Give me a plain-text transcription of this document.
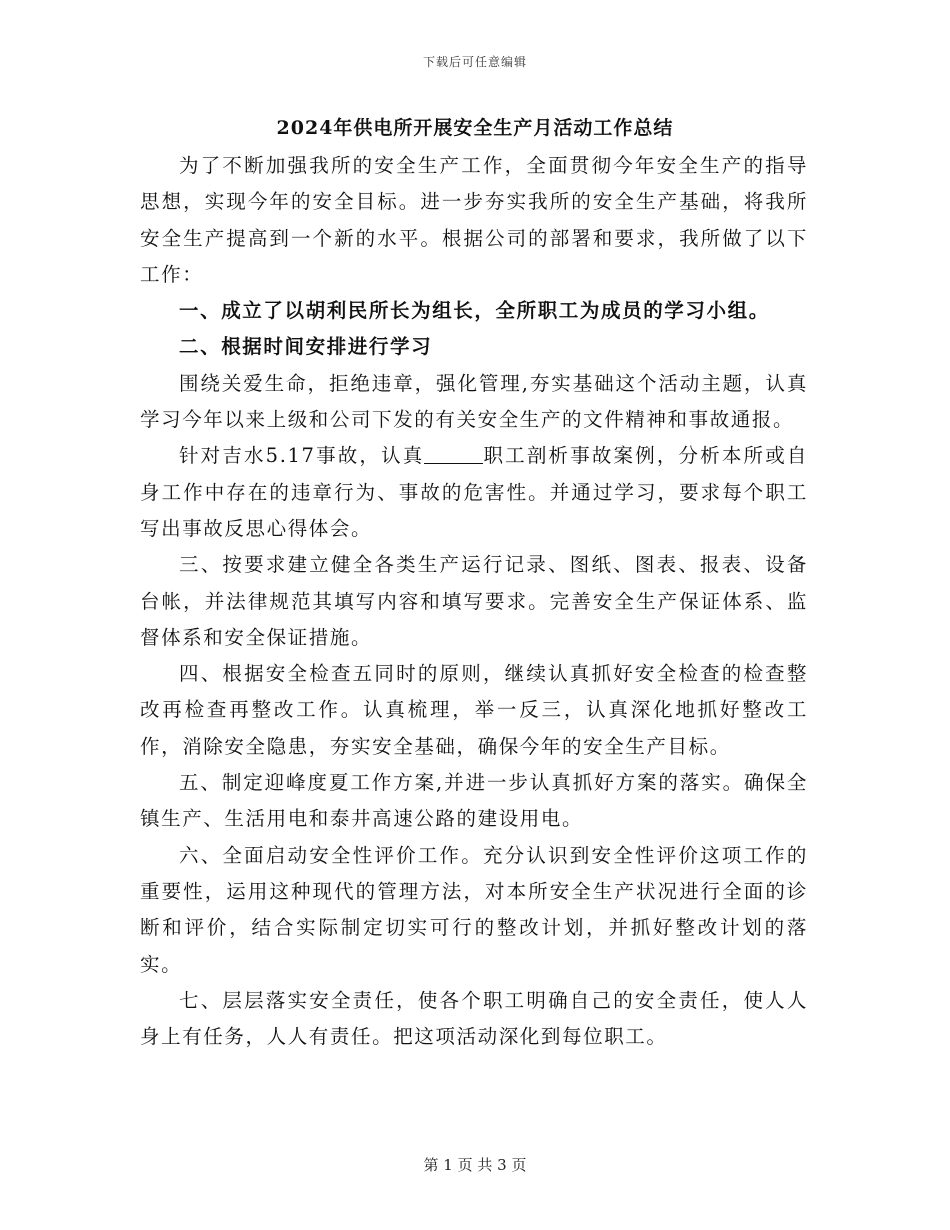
下载后可任意编辑
2024年供电所开展安全生产月活动工作总结

为了不断加强我所的安全生产工作，全面贯彻今年安全生产的指导思想，实现今年的安全目标。进一步夯实我所的安全生产基础，将我所安全生产提高到一个新的水平。根据公司的部署和要求，我所做了以下工作：

一、成立了以胡利民所长为组长，全所职工为成员的学习小组。

二、根据时间安排进行学习

围绕关爱生命，拒绝违章，强化管理,夯实基础这个活动主题，认真学习今年以来上级和公司下发的有关安全生产的文件精神和事故通报。

针对吉水5.17事故，认真	职工剖析事故案例，分析本所或自身工作中存在的违章行为、事故的危害性。并通过学习，要求每个职工写出事故反思心得体会。

三、按要求建立健全各类生产运行记录、图纸、图表、报表、设备台帐，并法律规范其填写内容和填写要求。完善安全生产保证体系、监督体系和安全保证措施。

四、根据安全检查五同时的原则，继续认真抓好安全检查的检查整改再检查再整改工作。认真梳理，举一反三，认真深化地抓好整改工作，消除安全隐患，夯实安全基础，确保今年的安全生产目标。

五、制定迎峰度夏工作方案,并进一步认真抓好方案的落实。确保全镇生产、生活用电和泰井高速公路的建设用电。

六、全面启动安全性评价工作。充分认识到安全性评价这项工作的重要性，运用这种现代的管理方法，对本所安全生产状况进行全面的诊断和评价，结合实际制定切实可行的整改计划，并抓好整改计划的落实。

七、层层落实安全责任，使各个职工明确自己的安全责任，使人人身上有任务，人人有责任。把这项活动深化到每位职工。

第 1 页 共 3 页
